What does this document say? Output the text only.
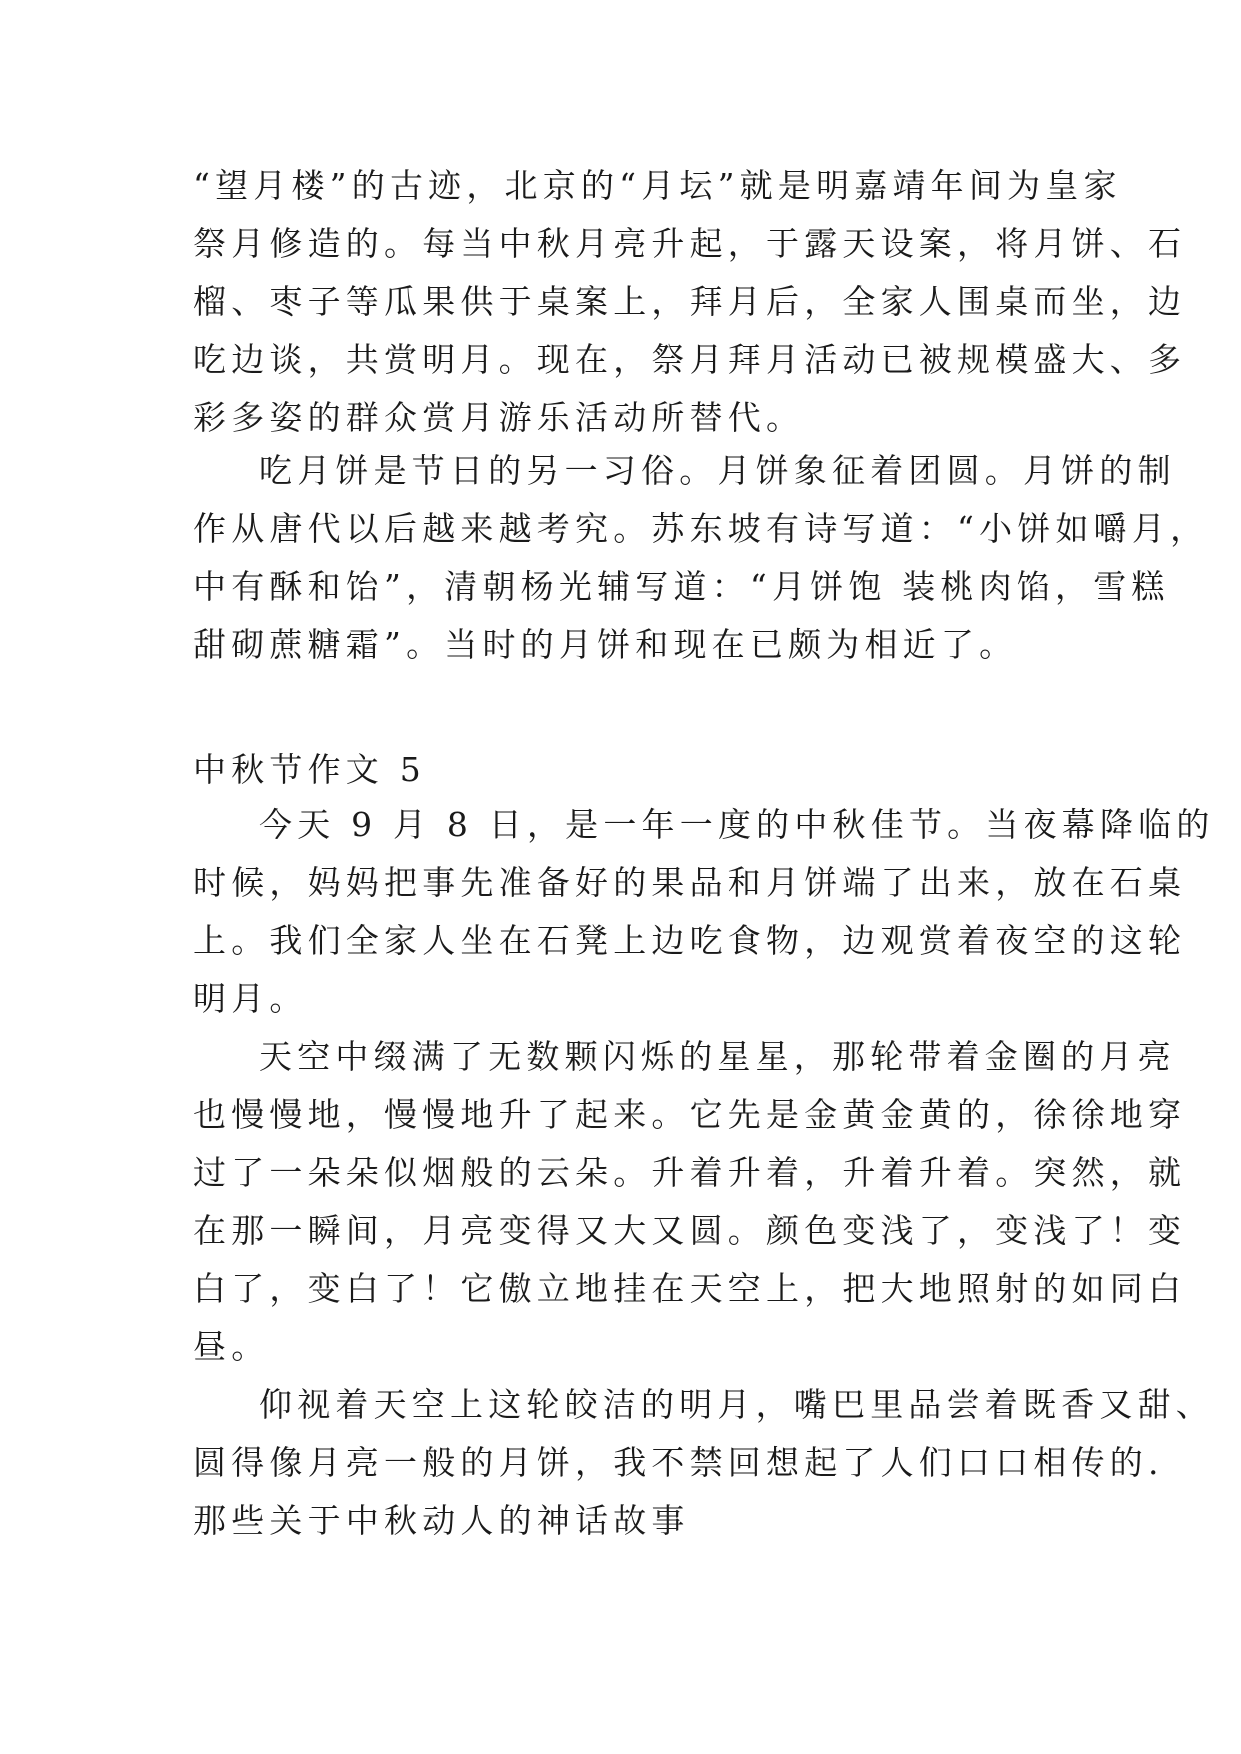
“望月楼”的古迹，北京的“月坛”就是明嘉靖年间为皇家
祭月修造的。每当中秋月亮升起，于露天设案，将月饼、石
榴、枣子等瓜果供于桌案上，拜月后，全家人围桌而坐，边
吃边谈，共赏明月。现在，祭月拜月活动已被规模盛大、多
彩多姿的群众赏月游乐活动所替代。
吃月饼是节日的另一习俗。月饼象征着团圆。月饼的制
作从唐代以后越来越考究。苏东坡有诗写道：“小饼如嚼月，
中有酥和饴”，清朝杨光辅写道：“月饼饱 装桃肉馅，雪糕
甜砌蔗糖霜”。当时的月饼和现在已颇为相近了。
中秋节作文 5
今天 9 月 8 日，是一年一度的中秋佳节。当夜幕降临的
时候，妈妈把事先准备好的果品和月饼端了出来，放在石桌
上。我们全家人坐在石凳上边吃食物，边观赏着夜空的这轮
明月。
天空中缀满了无数颗闪烁的星星，那轮带着金圈的月亮
也慢慢地，慢慢地升了起来。它先是金黄金黄的，徐徐地穿
过了一朵朵似烟般的云朵。升着升着，升着升着。突然，就
在那一瞬间，月亮变得又大又圆。颜色变浅了，变浅了！变
白了，变白了！它傲立地挂在天空上，把大地照射的如同白
昼。
仰视着天空上这轮皎洁的明月，嘴巴里品尝着既香又甜、
圆得像月亮一般的月饼，我不禁回想起了人们口口相传的.
那些关于中秋动人的神话故事
